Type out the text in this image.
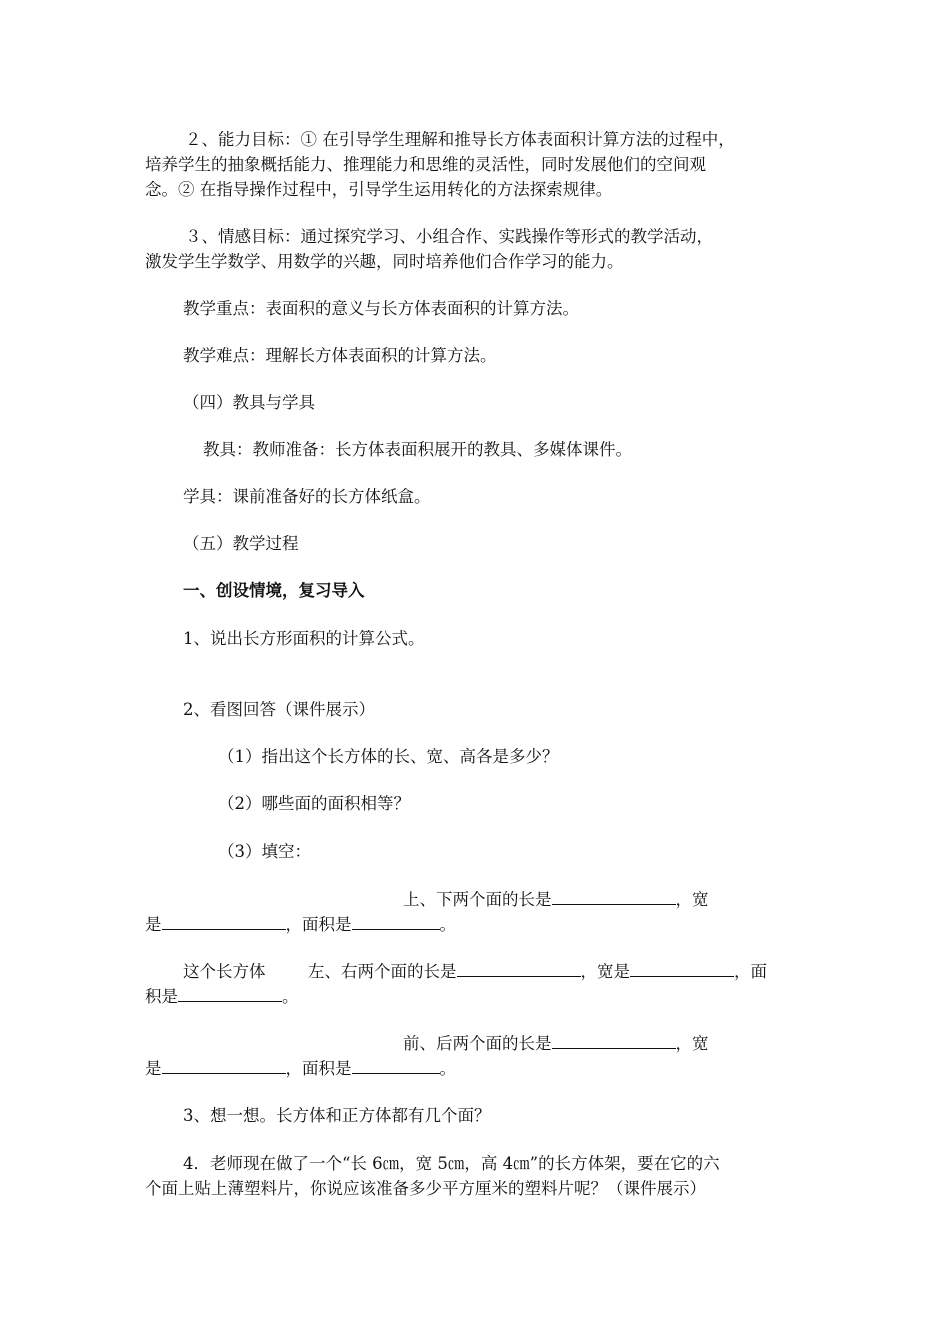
２、能力目标：① 在引导学生理解和推导长方体表面积计算方法的过程中，
培养学生的抽象概括能力、推理能力和思维的灵活性，同时发展他们的空间观
念。② 在指导操作过程中，引导学生运用转化的方法探索规律。
３、情感目标：通过探究学习、小组合作、实践操作等形式的教学活动，
激发学生学数学、用数学的兴趣，同时培养他们合作学习的能力。
教学重点：表面积的意义与长方体表面积的计算方法。
教学难点：理解长方体表面积的计算方法。
（四）教具与学具
教具：教师准备：长方体表面积展开的教具、多媒体课件。
学具：课前准备好的长方体纸盒。
（五）教学过程
一、创设情境，复习导入
1、说出长方形面积的计算公式。
2、看图回答（课件展示）
（1）指出这个长方体的长、宽、高各是多少？
（2）哪些面的面积相等？
（3）填空：
上、下两个面的长是	，宽
是	，面积是	。
这个长方体	左、右两个面的长是	，宽是	，面
积是	。
前、后两个面的长是	，宽
是	，面积是	。
3、想一想。长方体和正方体都有几个面？
4．老师现在做了一个“长 6㎝，宽 5㎝，高 4㎝”的长方体架，要在它的六
个面上贴上薄塑料片，你说应该准备多少平方厘米的塑料片呢？（课件展示）
